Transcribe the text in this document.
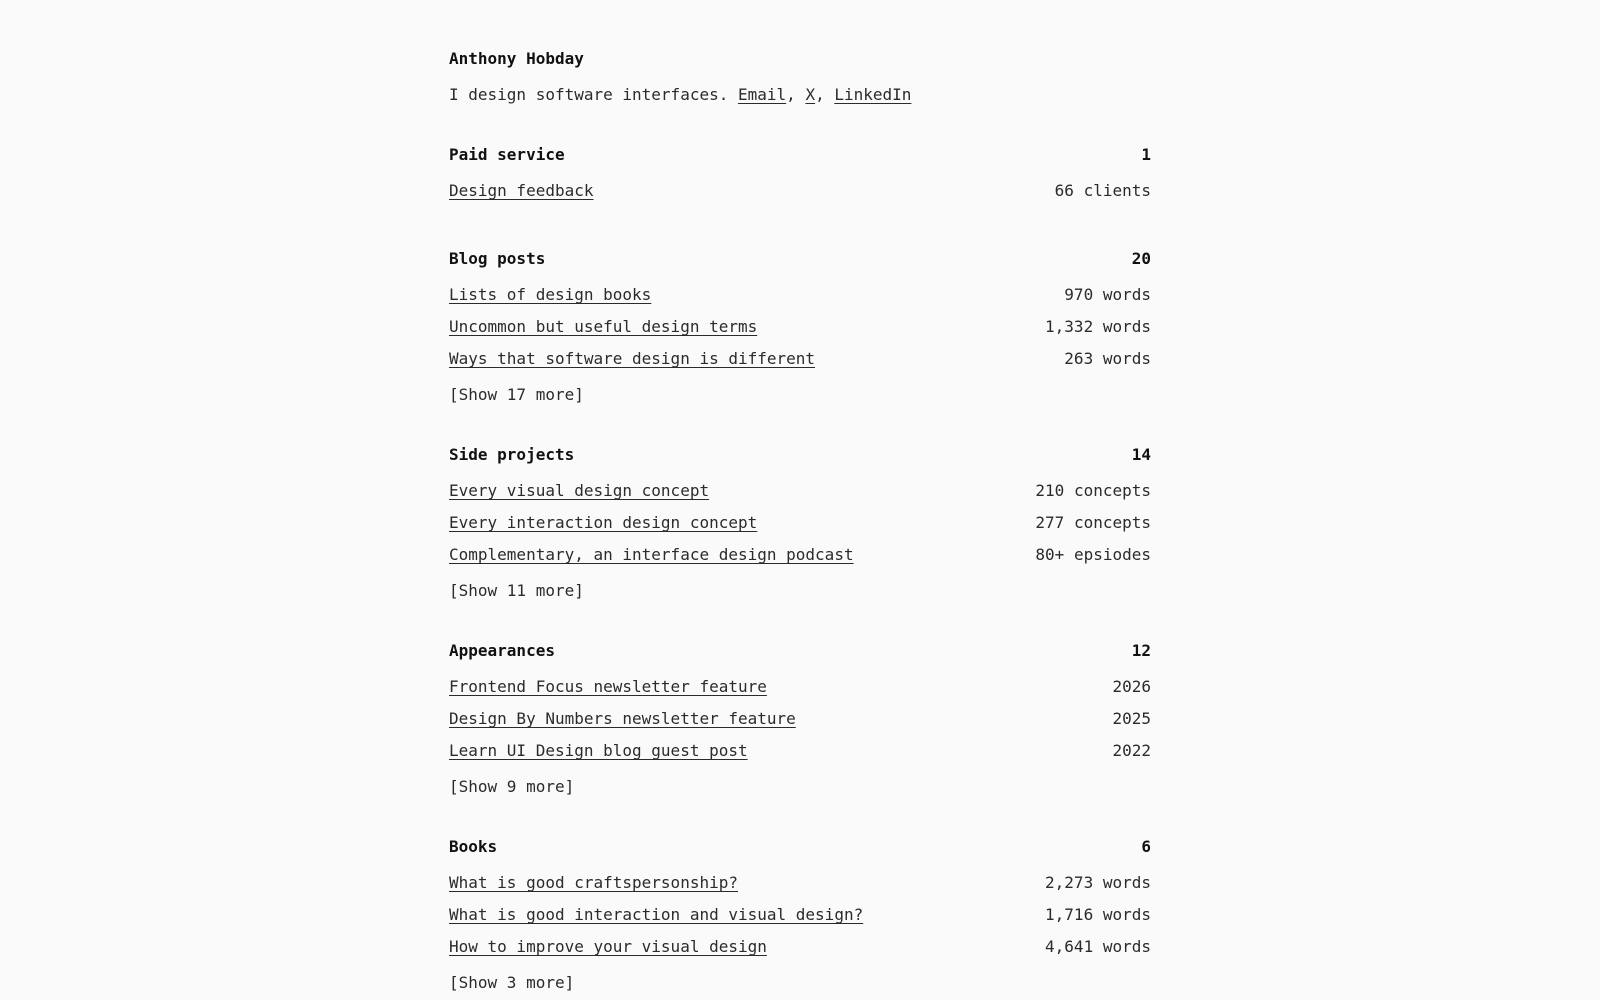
Anthony Hobday
I design software interfaces. Email, X, LinkedIn
Paid service	1
Design feedback	66 clients
Blog posts	20
Lists of design books	970 words
Uncommon but useful design terms	1,332 words
Ways that software design is different	263 words
[Show 17 more]
Side projects	14
Every visual design concept	210 concepts
Every interaction design concept	277 concepts
Complementary, an interface design podcast	80+ epsiodes
[Show 11 more]
Appearances	12
Frontend Focus newsletter feature	2026
Design By Numbers newsletter feature	2025
Learn UI Design blog guest post	2022
[Show 9 more]
Books	6
What is good craftspersonship?	2,273 words
What is good interaction and visual design?	1,716 words
How to improve your visual design	4,641 words
[Show 3 more]
